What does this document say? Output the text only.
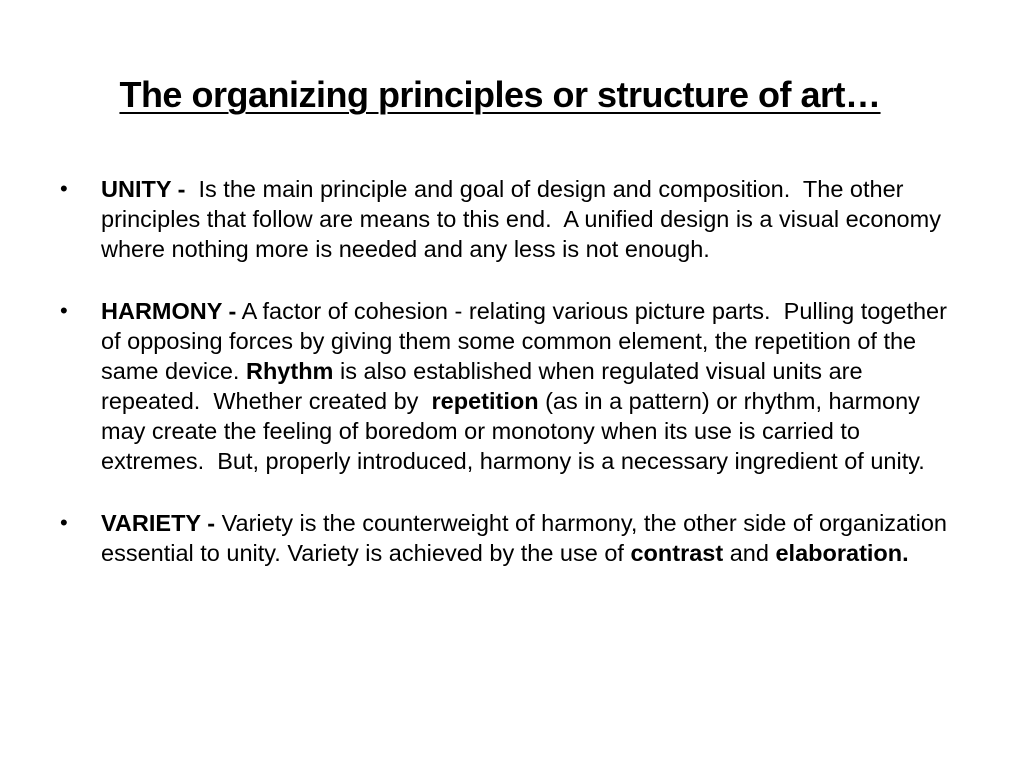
The organizing principles or structure of art…
• UNITY -  Is the main principle and goal of design and composition.  The other principles that follow are means to this end.  A unified design is a visual economy where nothing more is needed and any less is not enough.
• HARMONY - A factor of cohesion - relating various picture parts.  Pulling together of opposing forces by giving them some common element, the repetition of the same device. Rhythm is also established when regulated visual units are repeated.  Whether created by  repetition (as in a pattern) or rhythm, harmony may create the feeling of boredom or monotony when its use is carried to extremes.  But, properly introduced, harmony is a necessary ingredient of unity.
• VARIETY - Variety is the counterweight of harmony, the other side of organization essential to unity. Variety is achieved by the use of contrast and elaboration.
